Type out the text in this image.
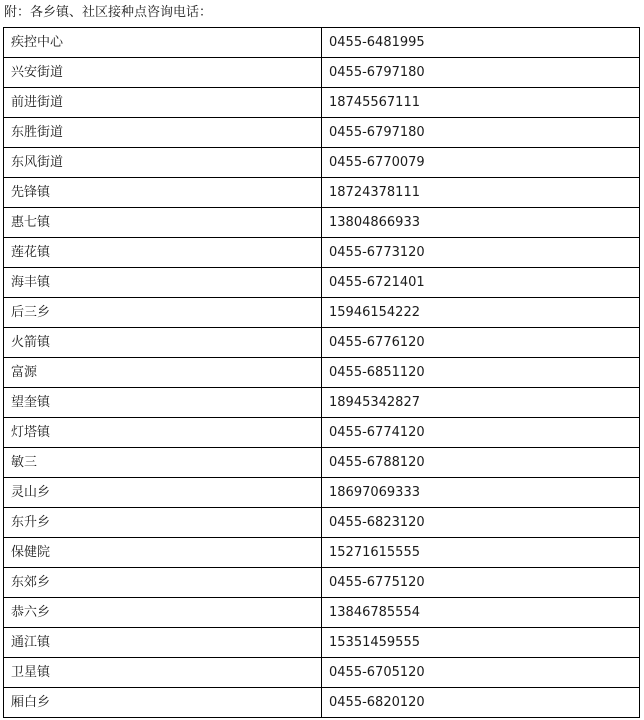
附：各乡镇、社区接种点咨询电话：
疾控中心	0455-6481995
兴安街道	0455-6797180
前进街道	18745567111
东胜街道	0455-6797180
东风街道	0455-6770079
先锋镇	18724378111
惠七镇	13804866933
莲花镇	0455-6773120
海丰镇	0455-6721401
后三乡	15946154222
火箭镇	0455-6776120
富源	0455-6851120
望奎镇	18945342827
灯塔镇	0455-6774120
敏三	0455-6788120
灵山乡	18697069333
东升乡	0455-6823120
保健院	15271615555
东郊乡	0455-6775120
恭六乡	13846785554
通江镇	15351459555
卫星镇	0455-6705120
厢白乡	0455-6820120
